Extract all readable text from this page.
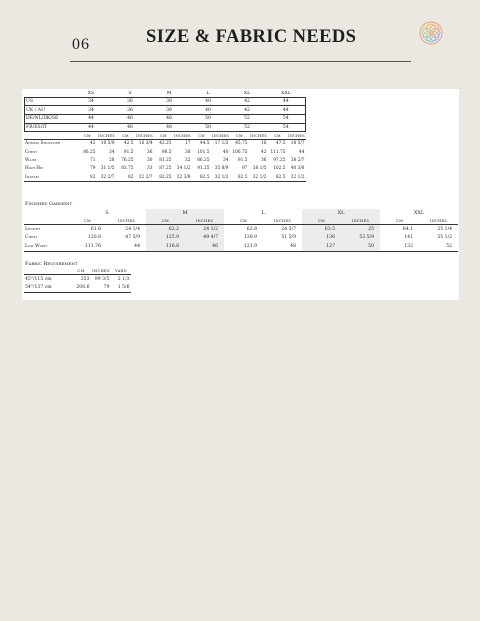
06	SIZE & FABRIC NEEDS
	XS	S	M	L	XL	XXL
US	34	36	38	40	42	44
UK / AU	34	36	38	40	42	44
DE/NL/DK/SE	44	46	48	50	52	54
FR/ES/IT	44	46	48	50	52	54
	CM	INCHES	CM	INCHES	CM	INCHES	CM	INCHES	CM	INCHES	CM	INCHES
Across Shoulder	42	16 5/9	42.5	16 3/4	43.25	17	44.5	17 1/2	45.75	18	47.5	18 5/7
Chest	86.25	34	91.5	36	96.5	38	101.5	40	106.75	42	111.75	44
Waist	71	28	76.25	30	81.25	32	86.25	34	91.5	36	97.25	38 2/7
High Hip	79	31 1/5	83.75	33	87.25	34 1/2	91.25	35 8/9	97	38 1/5	102.5	40 3/8
Inseam	82	32 2/7	82	32 2/7	82.25	32 3/8	82.5	32 1/2	82.5	32 1/2	82.5	32 1/2
Finished Garment
	S		M		L		XL		XXL	
	CM	INCHES	CM	INCHES	CM	INCHES	CM	INCHES	CM	INCHES
Length	61.6	24 1/4	62.2	24 1/2	62.8	24 5/7	63.5	25	64.1	25 1/4
Chest	120.8	47 5/9	125.9	49 4/7	130.9	51 5/9	136	53 5/9	141	55 1/2
Low Waist	111.76	44	116.8	46	121.9	48	127	50	132	52
Fabric Requirement
	CM	INCHES	YARD
45"/115 cm	253	99 3/5	2 1/3
54"/137 cm	200.6	79	1 5/6
